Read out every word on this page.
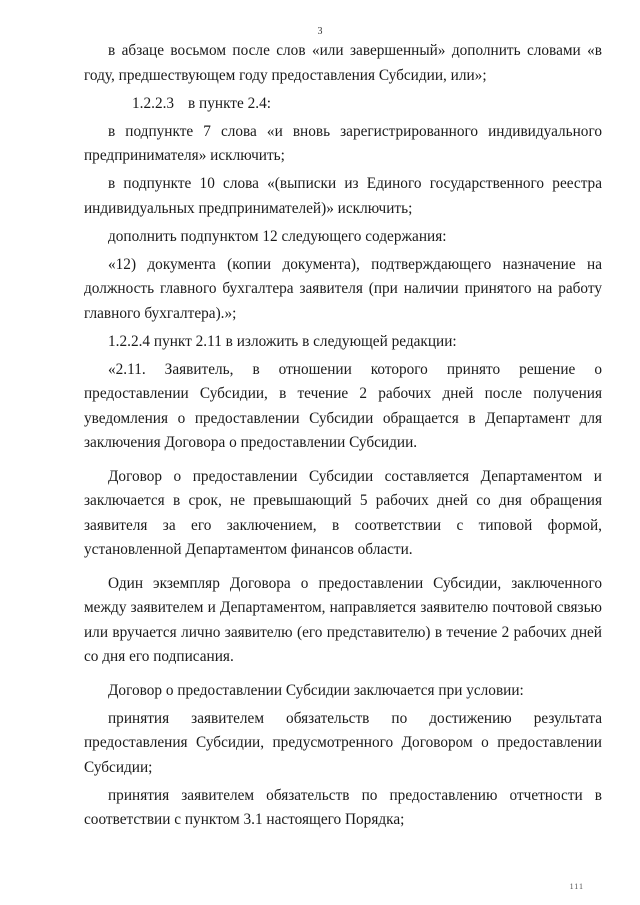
3

в абзаце восьмом после слов «или завершенный» дополнить словами «в году, предшествующем году предоставления Субсидии, или»;

1.2.2.3 в пункте 2.4:

в подпункте 7 слова «и вновь зарегистрированного индивидуального предпринимателя» исключить;

в подпункте 10 слова «(выписки из Единого государственного реестра индивидуальных предпринимателей)» исключить;

дополнить подпунктом 12 следующего содержания:

«12) документа (копии документа), подтверждающего назначение на должность главного бухгалтера заявителя (при наличии принятого на работу главного бухгалтера).»;

1.2.2.4 пункт 2.11 в изложить в следующей редакции:

«2.11. Заявитель, в отношении которого принято решение о предоставлении Субсидии, в течение 2 рабочих дней после получения уведомления о предоставлении Субсидии обращается в Департамент для заключения Договора о предоставлении Субсидии.

Договор о предоставлении Субсидии составляется Департаментом и заключается в срок, не превышающий 5 рабочих дней со дня обращения заявителя за его заключением, в соответствии с типовой формой, установленной Департаментом финансов области.

Один экземпляр Договора о предоставлении Субсидии, заключенного между заявителем и Департаментом, направляется заявителю почтовой связью или вручается лично заявителю (его представителю) в течение 2 рабочих дней со дня его подписания.

Договор о предоставлении Субсидии заключается при условии:

принятия заявителем обязательств по достижению результата предоставления Субсидии, предусмотренного Договором о предоставлении Субсидии;

принятия заявителем обязательств по предоставлению отчетности в соответствии с пунктом 3.1 настоящего Порядка;

111
